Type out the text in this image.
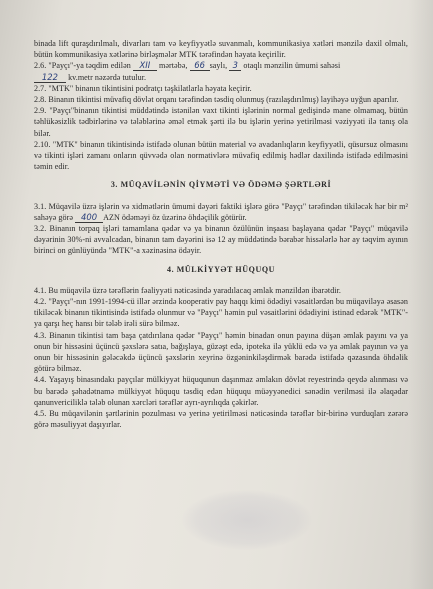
binada lift quraşdırılmalı, divarları tam və keyfiyyətlə suvanmalı, kommunikasiya xətləri mənzilə daxil olmalı, bütün kommunikasiya xətlərinə birləşmələr MTK tərəfindən həyata keçirilir.

2.6. "Payçı"-ya təqdim edilən XII mərtəbə, 66 saylı, 3 otaqlı mənzilin ümumi sahəsi
122 kv.metr nəzərdə tutulur.

2.7. "MTK" binanın tikintisini podratçı təşkilatlarla həyata keçirir.

2.8. Binanın tikintisi müvafiq dövlət orqanı tərəfindən təsdiq olunmuş (razılaşdırılmış) layihəyə uyğun aparılır.

2.9. "Payçı"binanın tikintisi müddətində istənilən vaxt tikinti işlərinin normal gedişində mane olmamaq, bütün təhlükəsizlik tədbirlərinə və tələblərinə əməl etmək şərti ilə bu işlərin yerinə yetirilməsi vəziyyəti ilə tanış ola bilər.

2.10. "MTK" binanın tikintisində istifadə olunan bütün material və avadanlıqların keyfiyyətli, qüsursuz olmasını və tikinti işləri zamanı onların qüvvədə olan normativlərə müvafiq edilmiş hədlər daxilində istifadə edilməsini təmin edir.

3. MÜQAVİLƏNİN QİYMƏTİ VƏ ÖDƏMƏ ŞƏRTLƏRİ

3.1. Müqavilə üzrə işlərin və xidmətlərin ümumi dəyəri faktiki işlərə görə "Payçı" tərəfindən tikiləcək hər bir m² sahəyə görə 400 AZN ödəməyi öz üzərinə öhdəçilik götürür.

3.2. Binanın torpaq işləri tamamlana qədər və ya binanın özülünün inşaası başlayana qədər "Payçı" müqavilə dəyərinin 30%-ni avvalcadan, binanın tam dəyərini isə 12 ay müddətində bərabər hissələrlə hər ay təqvim ayının birinci on günlüyündə "MTK"-a xəzinəsinə ödəyir.

4. MÜLKİYYƏT HÜQUQU

4.1. Bu müqavilə üzrə tərəflərin fəaliyyəti nəticəsində yaradılacaq əmlak mənzildən ibarətdir.

4.2. "Payçı"-nın 1991-1994-cü illər ərzində kooperativ pay haqqı kimi ödədiyi vəsaitlərdən bu müqaviləyə əsasən tikiləcək binanın tikintisində istifadə olunmur və "Payçı" həmin pul vəsaitlərini ödədiyini istinad edərək "MTK"-ya qarşı heç hansı bir tələb irəli sürə bilməz.

4.3. Binanın tikintisi tam başa çatdırılana qədər "Payçı" həmin binadan onun payına düşən əmlak payını və ya onun bir hissəsini üçüncü şəxslərə satıa, bağışlaya, güzəşt edə, ipoteka ilə yüklü edə və ya əmlak payının və ya onun bir hissəsinin gələcəkdə üçüncü şəxslərin xeyrinə özgəninkiləşdirmək barədə istifadə qəzasında öhdəlik götürə bilməz.

4.4. Yaşayış binasındakı payçılar mülkiyyət hüququnun daşınmaz əmlakın dövlət reyestrində qeydə alınması və bu barədə şəhadətnamə mülkiyyət hüququ təsdiq edən hüququ müəyyənedici sənədin verilməsi ilə əlaqədar qanunvericiliklə tələb olunan xərcləri tərəflər ayrı-ayrılıqda çəkirlər.

4.5. Bu müqavilənin şərtlərinin pozulması və yerinə yetirilməsi nəticəsində tərəflər bir-birinə vurduqları zərərə görə məsuliyyət daşıyırlar.
